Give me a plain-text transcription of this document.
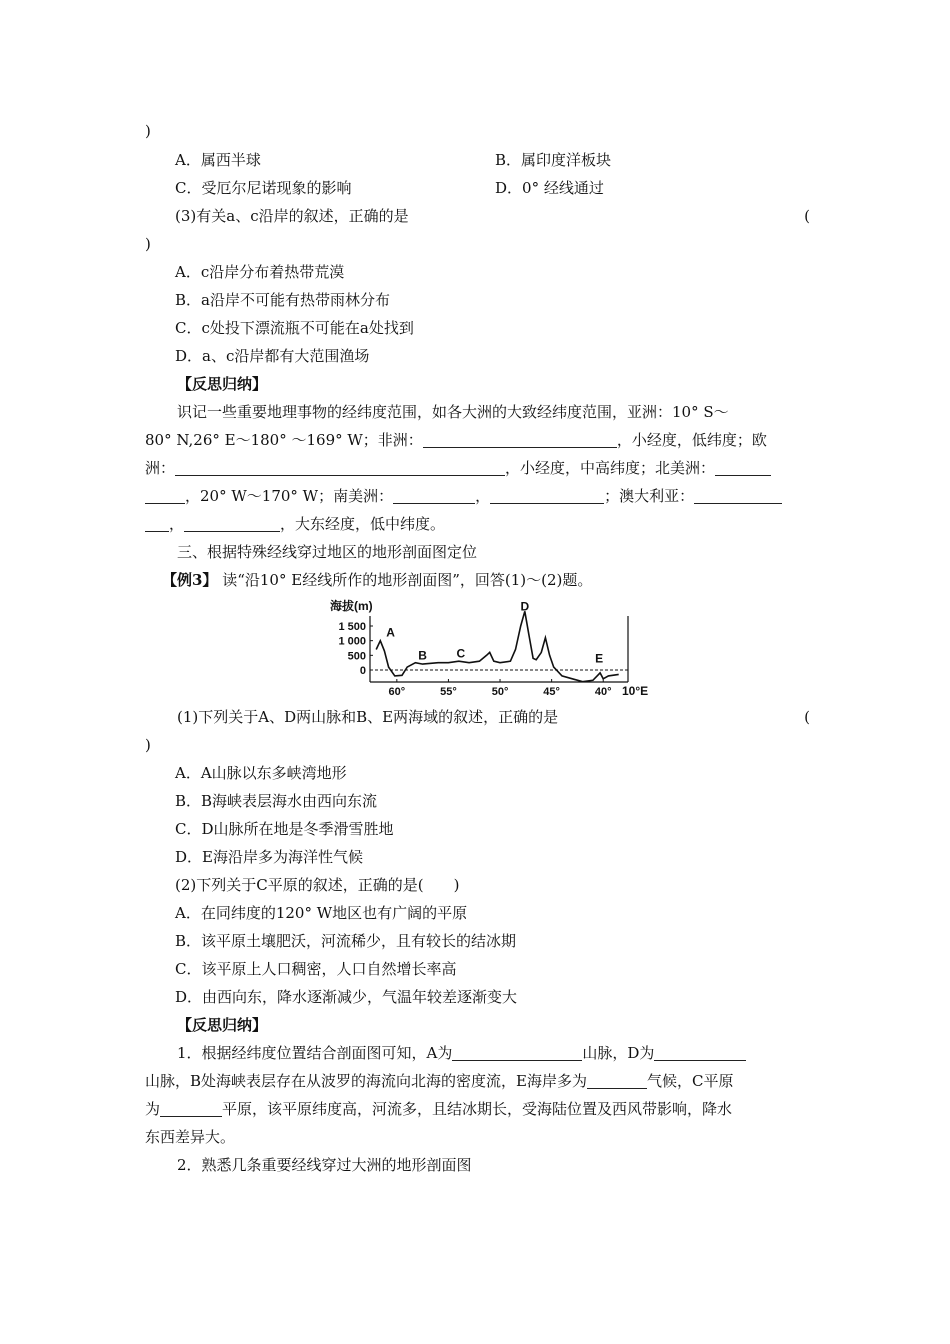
)
A．属西半球	B．属印度洋板块
C．受厄尔尼诺现象的影响	D．0° 经线通过
(3)有关a、c沿岸的叙述，正确的是	(
)
A．c沿岸分布着热带荒漠
B．a沿岸不可能有热带雨林分布
C．c处投下漂流瓶不可能在a处找到
D．a、c沿岸都有大范围渔场
【反思归纳】
识记一些重要地理事物的经纬度范围，如各大洲的大致经纬度范围，亚洲：10° S～
80° N,26° E～180° ～169° W；非洲：	，小经度，低纬度；欧
洲：	，小经度，中高纬度；北美洲：
，20° W～170° W；南美洲：	，	；澳大利亚：
，	，大东经度，低中纬度。
三、根据特殊经线穿过地区的地形剖面图定位
【例3】 读“沿10° E经线所作的地形剖面图”，回答(1)～(2)题。
海拔(m)
1 500
1 000
500
0
60°	55°	50°	45°	40°
A
B C
D
E
10°E
(1)下列关于A、D两山脉和B、E两海域的叙述，正确的是	(
)
A．A山脉以东多峡湾地形
B．B海峡表层海水由西向东流
C．D山脉所在地是冬季滑雪胜地
D．E海沿岸多为海洋性气候
(2)下列关于C平原的叙述，正确的是(　　)
A．在同纬度的120° W地区也有广阔的平原
B．该平原土壤肥沃，河流稀少，且有较长的结冰期
C．该平原上人口稠密，人口自然增长率高
D．由西向东，降水逐渐减少，气温年较差逐渐变大
【反思归纳】
1．根据经纬度位置结合剖面图可知，A为	山脉，D为
山脉，B处海峡表层存在从波罗的海流向北海的密度流，E海岸多为	气候，C平原
为	平原，该平原纬度高，河流多，且结冰期长，受海陆位置及西风带影响，降水
东西差异大。
2．熟悉几条重要经线穿过大洲的地形剖面图
